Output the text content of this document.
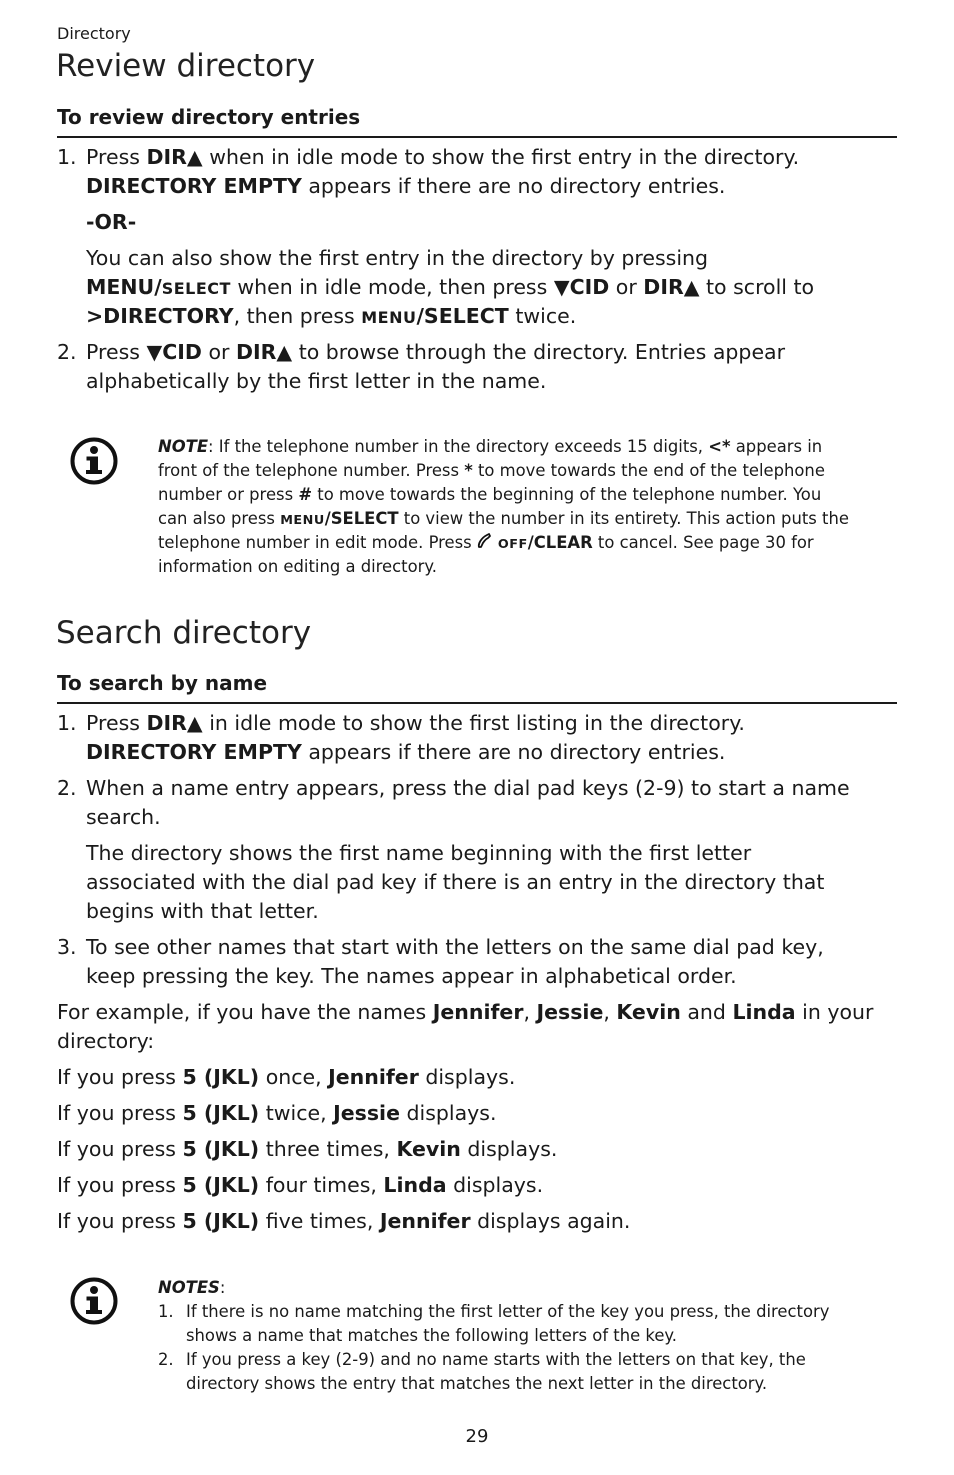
Directory
Review directory
To review directory entries
1. Press DIR▲ when in idle mode to show the first entry in the directory.
DIRECTORY EMPTY appears if there are no directory entries.
-OR-
You can also show the first entry in the directory by pressing
MENU/SELECT when in idle mode, then press ▼CID or DIR▲ to scroll to
>DIRECTORY, then press MENU/SELECT twice.
2. Press ▼CID or DIR▲ to browse through the directory. Entries appear
alphabetically by the first letter in the name.
NOTE: If the telephone number in the directory exceeds 15 digits, <* appears in
front of the telephone number. Press * to move towards the end of the telephone
number or press # to move towards the beginning of the telephone number. You
can also press MENU/SELECT to view the number in its entirety. This action puts the
telephone number in edit mode. Press OFF/CLEAR to cancel. See page 30 for
information on editing a directory.
Search directory
To search by name
1. Press DIR▲ in idle mode to show the first listing in the directory.
DIRECTORY EMPTY appears if there are no directory entries.
2. When a name entry appears, press the dial pad keys (2-9) to start a name
search.
The directory shows the first name beginning with the first letter
associated with the dial pad key if there is an entry in the directory that
begins with that letter.
3. To see other names that start with the letters on the same dial pad key,
keep pressing the key. The names appear in alphabetical order.
For example, if you have the names Jennifer, Jessie, Kevin and Linda in your
directory:
If you press 5 (JKL) once, Jennifer displays.
If you press 5 (JKL) twice, Jessie displays.
If you press 5 (JKL) three times, Kevin displays.
If you press 5 (JKL) four times, Linda displays.
If you press 5 (JKL) five times, Jennifer displays again.
NOTES:
1. If there is no name matching the first letter of the key you press, the directory
shows a name that matches the following letters of the key.
2. If you press a key (2-9) and no name starts with the letters on that key, the
directory shows the entry that matches the next letter in the directory.
29
